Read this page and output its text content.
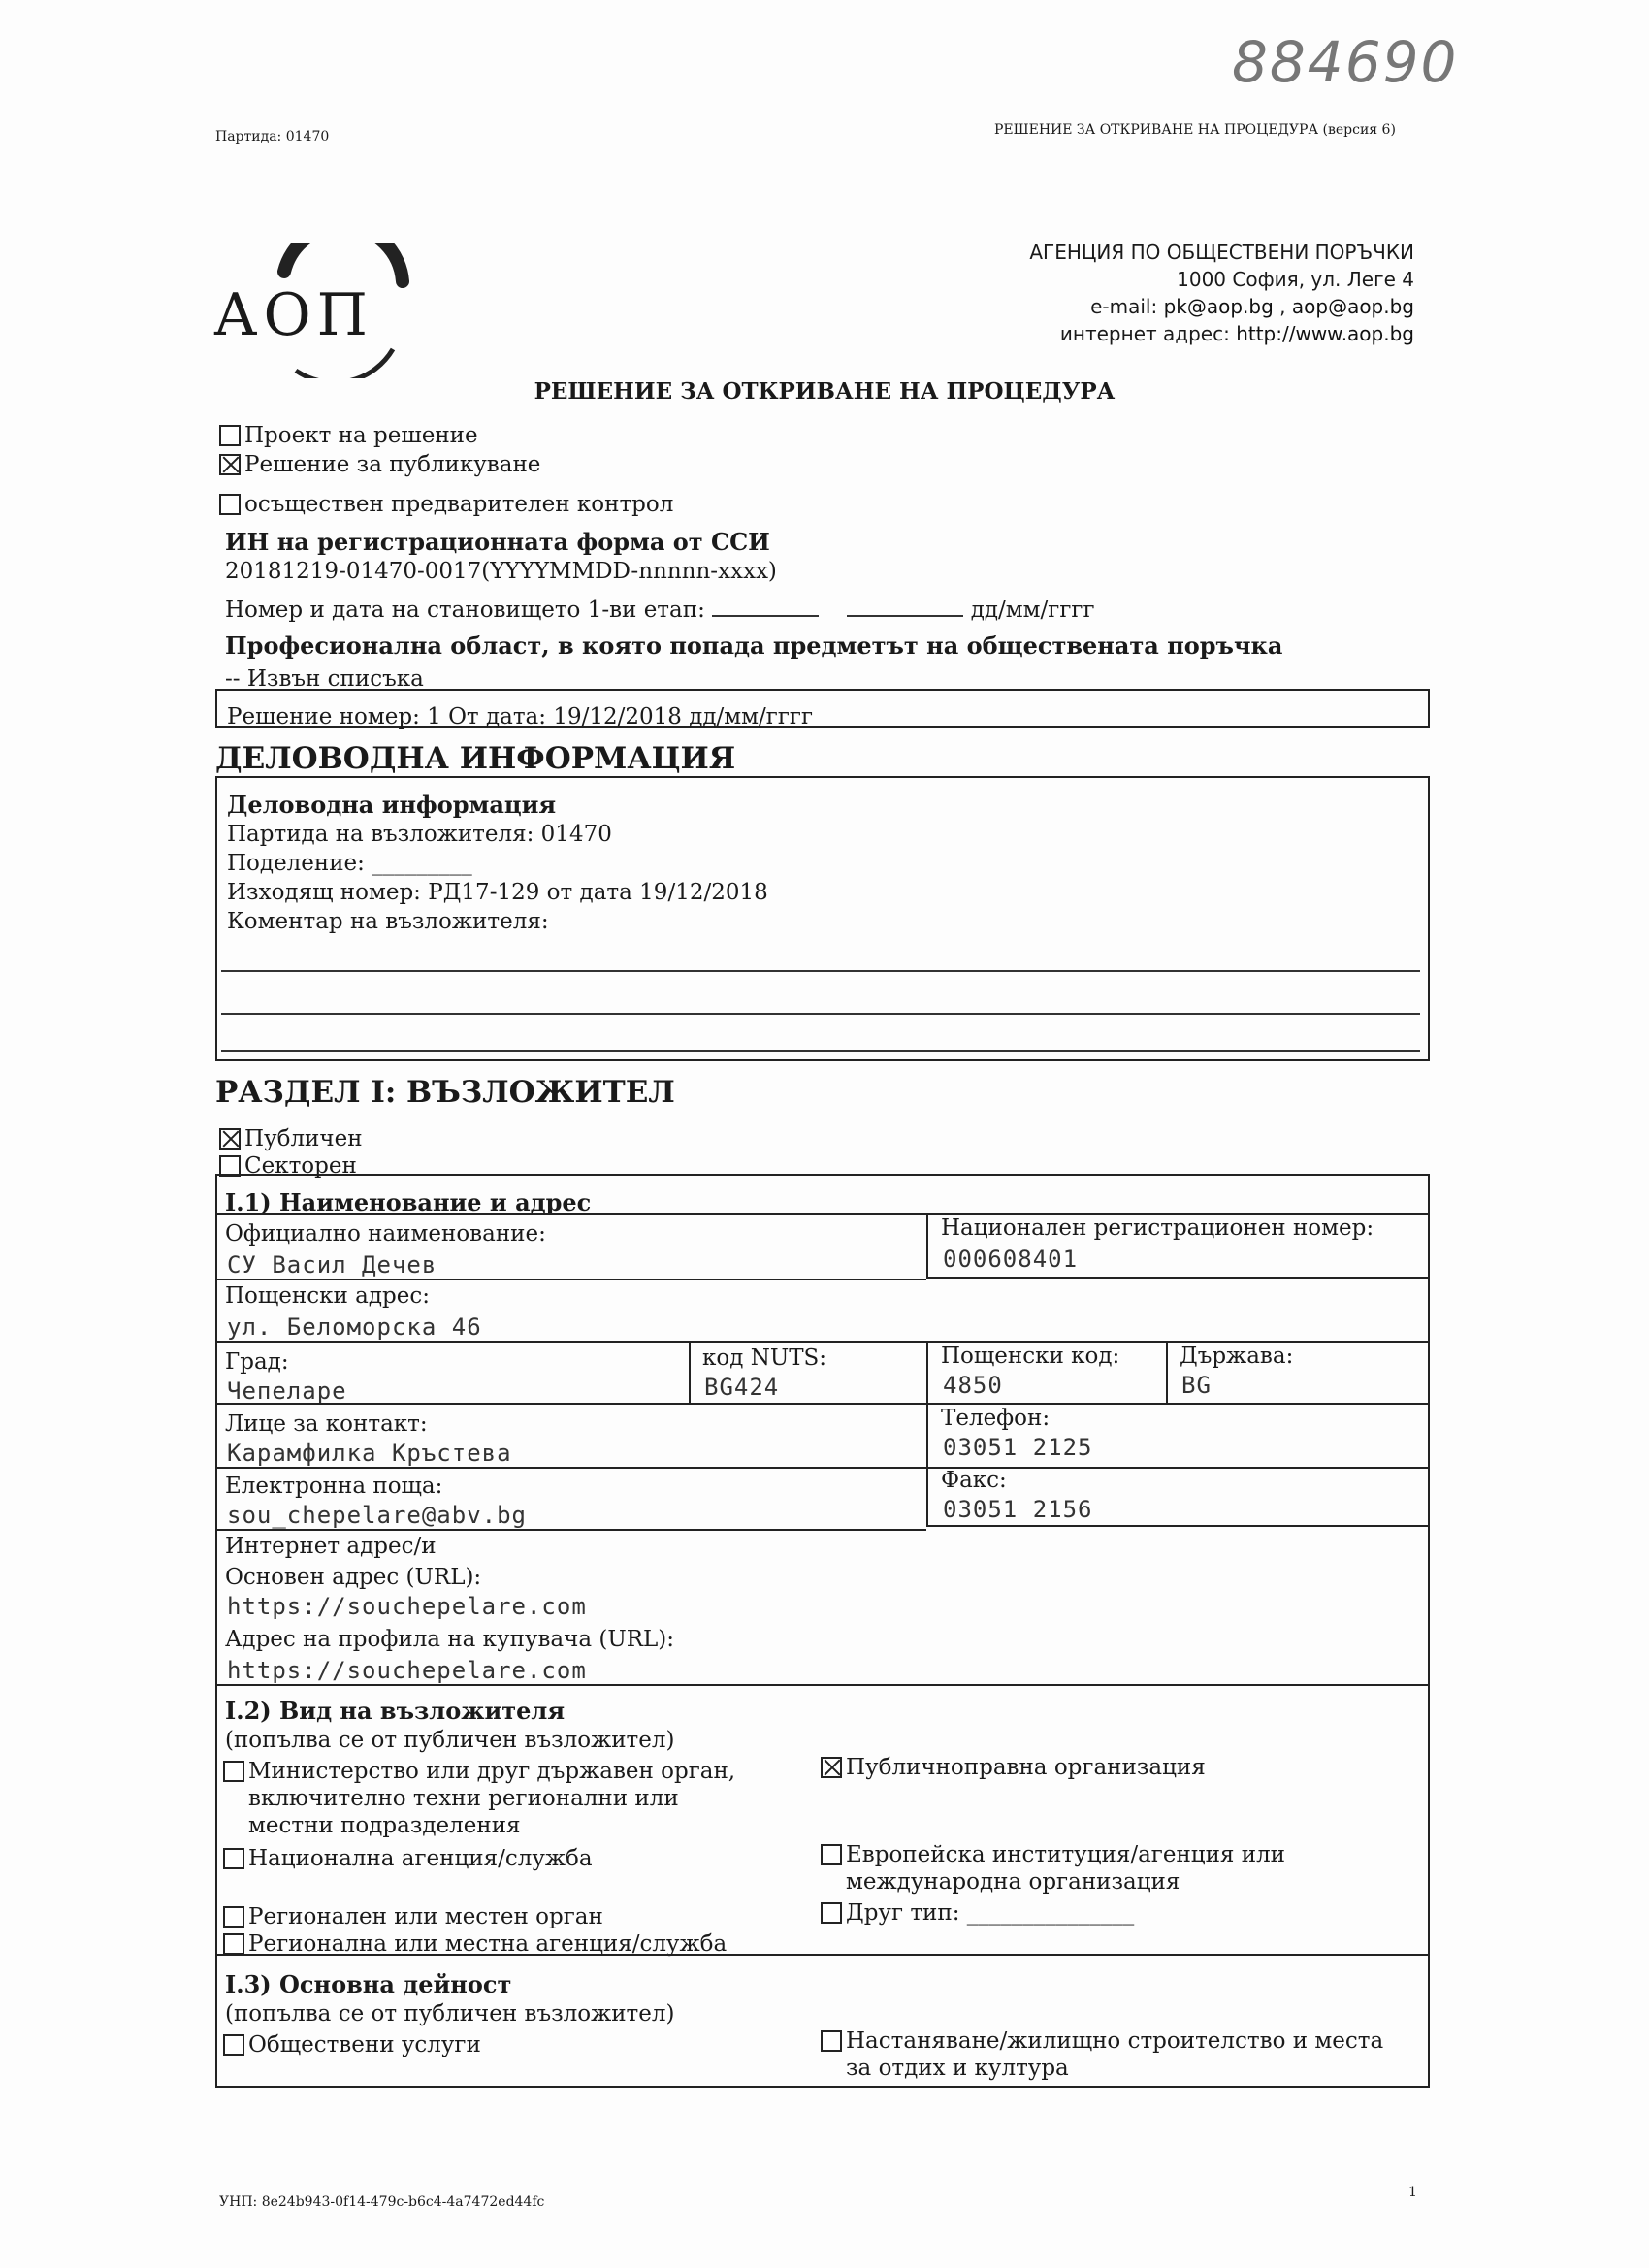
884690
Партида: 01470	РЕШЕНИЕ ЗА ОТКРИВАНЕ НА ПРОЦЕДУРА (версия 6)
АОП
АГЕНЦИЯ ПО ОБЩЕСТВЕНИ ПОРЪЧКИ
1000 София, ул. Леге 4
e-mail: pk@aop.bg , aop@aop.bg
интернет адрес: http://www.aop.bg
РЕШЕНИЕ ЗА ОТКРИВАНЕ НА ПРОЦЕДУРА
Проект на решение
Решение за публикуване
осъществен предварителен контрол
ИН на регистрационната форма от ССИ
20181219-01470-0017(YYYYMMDD-nnnnn-xxxx)
Номер и дата на становището 1-ви етап:	дд/мм/гггг
Професионална област, в която попада предметът на обществената поръчка
-- Извън списъка
Решение номер: 1 От дата: 19/12/2018 дд/мм/гггг
ДЕЛОВОДНА ИНФОРМАЦИЯ
Деловодна информация
Партида на възложителя: 01470
Поделение: _________
Изходящ номер: РД17-129 от дата 19/12/2018
Коментар на възложителя:
РАЗДЕЛ I: ВЪЗЛОЖИТЕЛ
Публичен
Секторен
I.1) Наименование и адрес
Официално наименование:
СУ Васил Дечев
Национален регистрационен номер:
000608401
Пощенски адрес:
ул. Беломорска 46
Град:
Чепеларе
код NUTS:
BG424
Пощенски код:
4850
Държава:
BG
Лице за контакт:
Карамфилка Кръстева
Телефон:
03051 2125
Електронна поща:
sou_chepelare@abv.bg
Факс:
03051 2156
Интернет адрес/и
Основен адрес (URL):
https://souchepelare.com
Адрес на профила на купувача (URL):
https://souchepelare.com
I.2) Вид на възложителя
(попълва се от публичен възложител)
Министерство или друг държавен орган, включително техни регионални или местни подразделения
Публичноправна организация
Национална агенция/служба	Европейска институция/агенция или международна организация
Регионален или местен орган	Друг тип: _______________
Регионална или местна агенция/служба
I.3) Основна дейност
(попълва се от публичен възложител)
Обществени услуги	Настаняване/жилищно строителство и места за отдих и култура
УНП: 8e24b943-0f14-479c-b6c4-4a7472ed44fc
1
